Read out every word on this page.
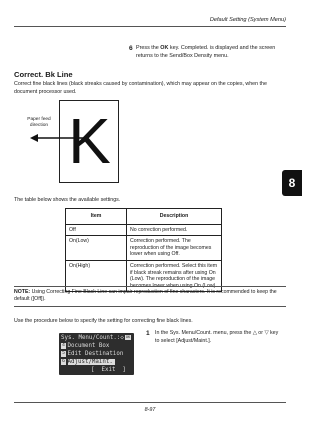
Default Setting (System Menu)
6 Press the OK key. Completed. is displayed and the screen returns to the Send/Box Density menu.
Correct. Bk Line
Correct fine black lines (black streaks caused by contamination), which may appear on the copies, when the document processor used.
K
Paper feed direction
The table below shows the available settings.
Item	Description
Off	No correction performed.
On(Low)	Correction performed. The reproduction of the image becomes lower when using Off.
On(High)	Correction performed. Select this item if black streak remains after using On (Low). The reproduction of the image becomes lower when using On (Low).
NOTE: Using Correcting Fine Black Line can impair reproduction of fine characters. It is recommended to keep the default ([Off]).
Use the procedure below to specify the setting for correcting fine black lines.
Sys. Menu/Count.:◇ OK
4 Document Box
5 Edit Destination
6 Adjust/Maint.
[  Exit  ]
1 In the Sys. Menu/Count. menu, press the △ or ▽ key to select [Adjust/Maint.].
8
8-97
